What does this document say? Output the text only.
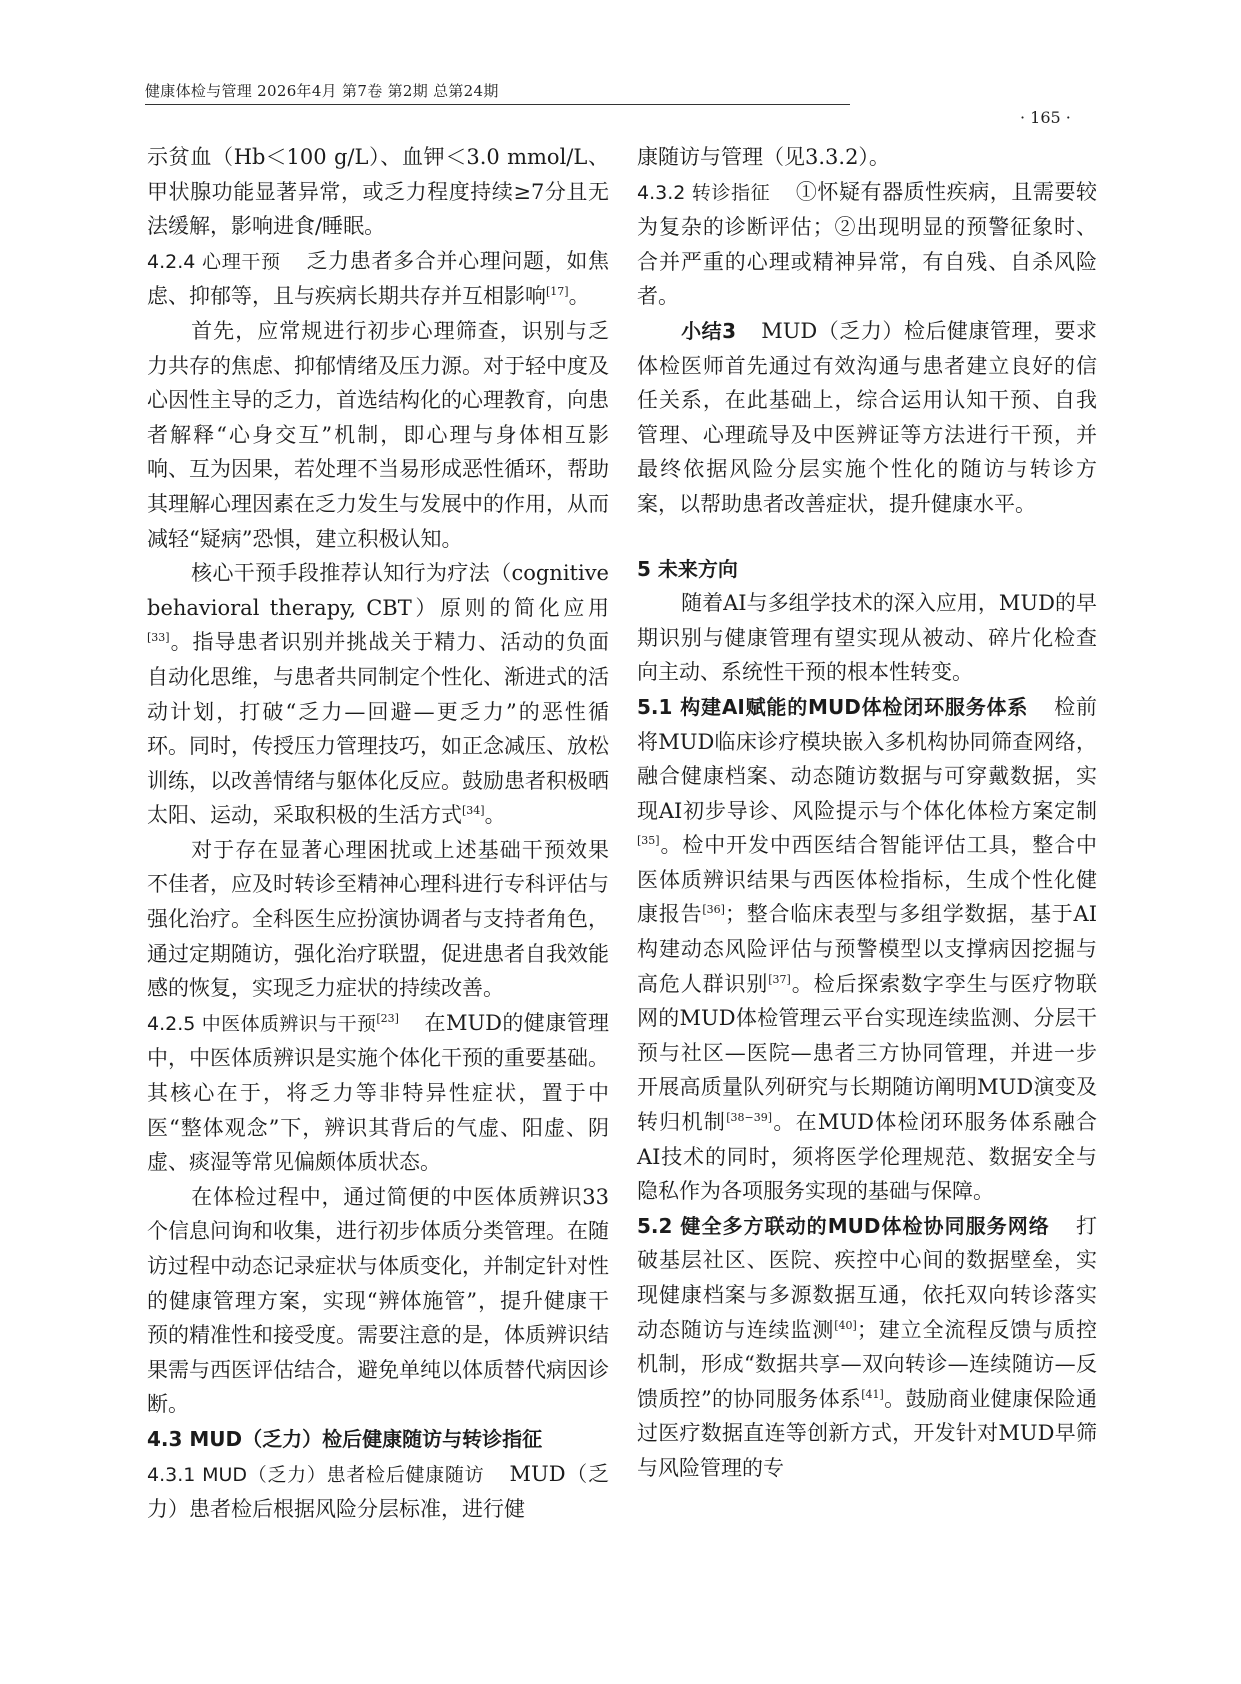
健康体检与管理 2026年4月 第7卷 第2期 总第24期
· 165 ·

示贫血（Hb＜100 g/L）、血钾＜3.0 mmol/L、甲状腺功能显著异常，或乏力程度持续≥7分且无法缓解，影响进食/睡眠。

4.2.4 心理干预 乏力患者多合并心理问题，如焦虑、抑郁等，且与疾病长期共存并互相影响[17]。

首先，应常规进行初步心理筛查，识别与乏力共存的焦虑、抑郁情绪及压力源。对于轻中度及心因性主导的乏力，首选结构化的心理教育，向患者解释“心身交互”机制，即心理与身体相互影响、互为因果，若处理不当易形成恶性循环，帮助其理解心理因素在乏力发生与发展中的作用，从而减轻“疑病”恐惧，建立积极认知。

核心干预手段推荐认知行为疗法（cognitive behavioral therapy, CBT）原则的简化应用[33]。指导患者识别并挑战关于精力、活动的负面自动化思维，与患者共同制定个性化、渐进式的活动计划，打破“乏力—回避—更乏力”的恶性循环。同时，传授压力管理技巧，如正念减压、放松训练，以改善情绪与躯体化反应。鼓励患者积极晒太阳、运动，采取积极的生活方式[34]。

对于存在显著心理困扰或上述基础干预效果不佳者，应及时转诊至精神心理科进行专科评估与强化治疗。全科医生应扮演协调者与支持者角色，通过定期随访，强化治疗联盟，促进患者自我效能感的恢复，实现乏力症状的持续改善。

4.2.5 中医体质辨识与干预[23] 在MUD的健康管理中，中医体质辨识是实施个体化干预的重要基础。其核心在于，将乏力等非特异性症状，置于中医“整体观念”下，辨识其背后的气虚、阳虚、阴虚、痰湿等常见偏颇体质状态。

在体检过程中，通过简便的中医体质辨识33个信息问询和收集，进行初步体质分类管理。在随访过程中动态记录症状与体质变化，并制定针对性的健康管理方案，实现“辨体施管”，提升健康干预的精准性和接受度。需要注意的是，体质辨识结果需与西医评估结合，避免单纯以体质替代病因诊断。

4.3 MUD（乏力）检后健康随访与转诊指征

4.3.1 MUD（乏力）患者检后健康随访 MUD（乏力）患者检后根据风险分层标准，进行健

康随访与管理（见3.3.2）。

4.3.2 转诊指征 ①怀疑有器质性疾病，且需要较为复杂的诊断评估；②出现明显的预警征象时、合并严重的心理或精神异常，有自残、自杀风险者。

小结3 MUD（乏力）检后健康管理，要求体检医师首先通过有效沟通与患者建立良好的信任关系，在此基础上，综合运用认知干预、自我管理、心理疏导及中医辨证等方法进行干预，并最终依据风险分层实施个性化的随访与转诊方案，以帮助患者改善症状，提升健康水平。

5 未来方向

随着AI与多组学技术的深入应用，MUD的早期识别与健康管理有望实现从被动、碎片化检查向主动、系统性干预的根本性转变。

5.1 构建AI赋能的MUD体检闭环服务体系 检前将MUD临床诊疗模块嵌入多机构协同筛查网络，融合健康档案、动态随访数据与可穿戴数据，实现AI初步导诊、风险提示与个体化体检方案定制[35]。检中开发中西医结合智能评估工具，整合中医体质辨识结果与西医体检指标，生成个性化健康报告[36]；整合临床表型与多组学数据，基于AI构建动态风险评估与预警模型以支撑病因挖掘与高危人群识别[37]。检后探索数字孪生与医疗物联网的MUD体检管理云平台实现连续监测、分层干预与社区—医院—患者三方协同管理，并进一步开展高质量队列研究与长期随访阐明MUD演变及转归机制[38−39]。在MUD体检闭环服务体系融合AI技术的同时，须将医学伦理规范、数据安全与隐私作为各项服务实现的基础与保障。

5.2 健全多方联动的MUD体检协同服务网络 打破基层社区、医院、疾控中心间的数据壁垒，实现健康档案与多源数据互通，依托双向转诊落实动态随访与连续监测[40]；建立全流程反馈与质控机制，形成“数据共享—双向转诊—连续随访—反馈质控”的协同服务体系[41]。鼓励商业健康保险通过医疗数据直连等创新方式，开发针对MUD早筛与风险管理的专
